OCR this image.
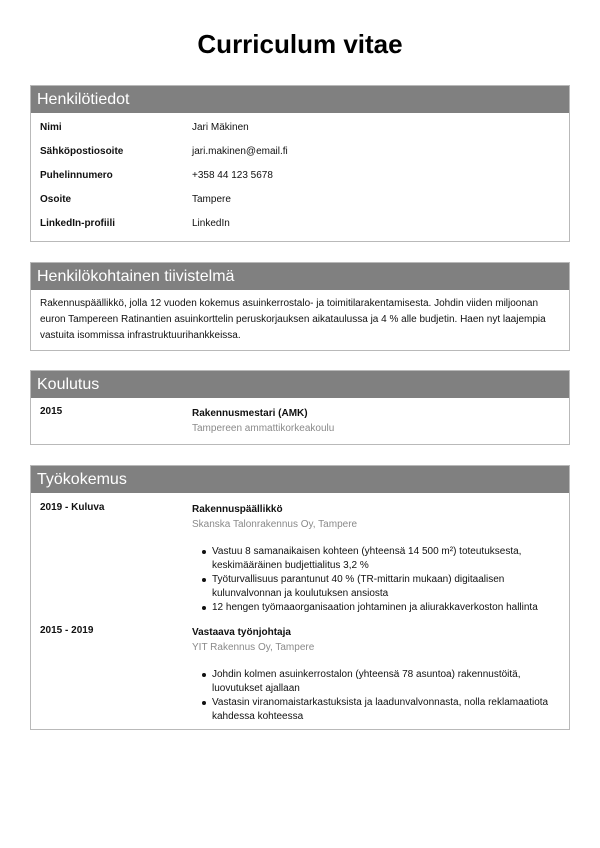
Curriculum vitae
Henkilötiedot
Nimi	Jari Mäkinen
Sähköpostiosoite	jari.makinen@email.fi
Puhelinnumero	+358 44 123 5678
Osoite	Tampere
LinkedIn-profiili	LinkedIn
Henkilökohtainen tiivistelmä

Rakennuspäällikkö, jolla 12 vuoden kokemus asuinkerrostalo- ja toimitilarakentamisesta. Johdin viiden miljoonan euron Tampereen Ratinantien asuinkorttelin peruskorjauksen aikataulussa ja 4 % alle budjetin. Haen nyt laajempia vastuita isommissa infrastruktuurihankkeissa.

Koulutus
2015	Rakennusmestari (AMK)
Tampereen ammattikorkeakoulu
Työkokemus
2019 - Kuluva	Rakennuspäällikkö
Skanska Talonrakennus Oy, Tampere
Vastuu 8 samanaikaisen kohteen (yhteensä 14 500 m²) toteutuksesta, keskimääräinen budjettialitus 3,2 %
Työturvallisuus parantunut 40 % (TR-mittarin mukaan) digitaalisen kulunvalvonnan ja koulutuksen ansiosta
12 hengen työmaaorganisaation johtaminen ja aliurakkaverkoston hallinta
2015 - 2019	Vastaava työnjohtaja
YIT Rakennus Oy, Tampere
Johdin kolmen asuinkerrostalon (yhteensä 78 asuntoa) rakennustöitä, luovutukset ajallaan
Vastasin viranomaistarkastuksista ja laadunvalvonnasta, nolla reklamaatiota kahdessa kohteessa
